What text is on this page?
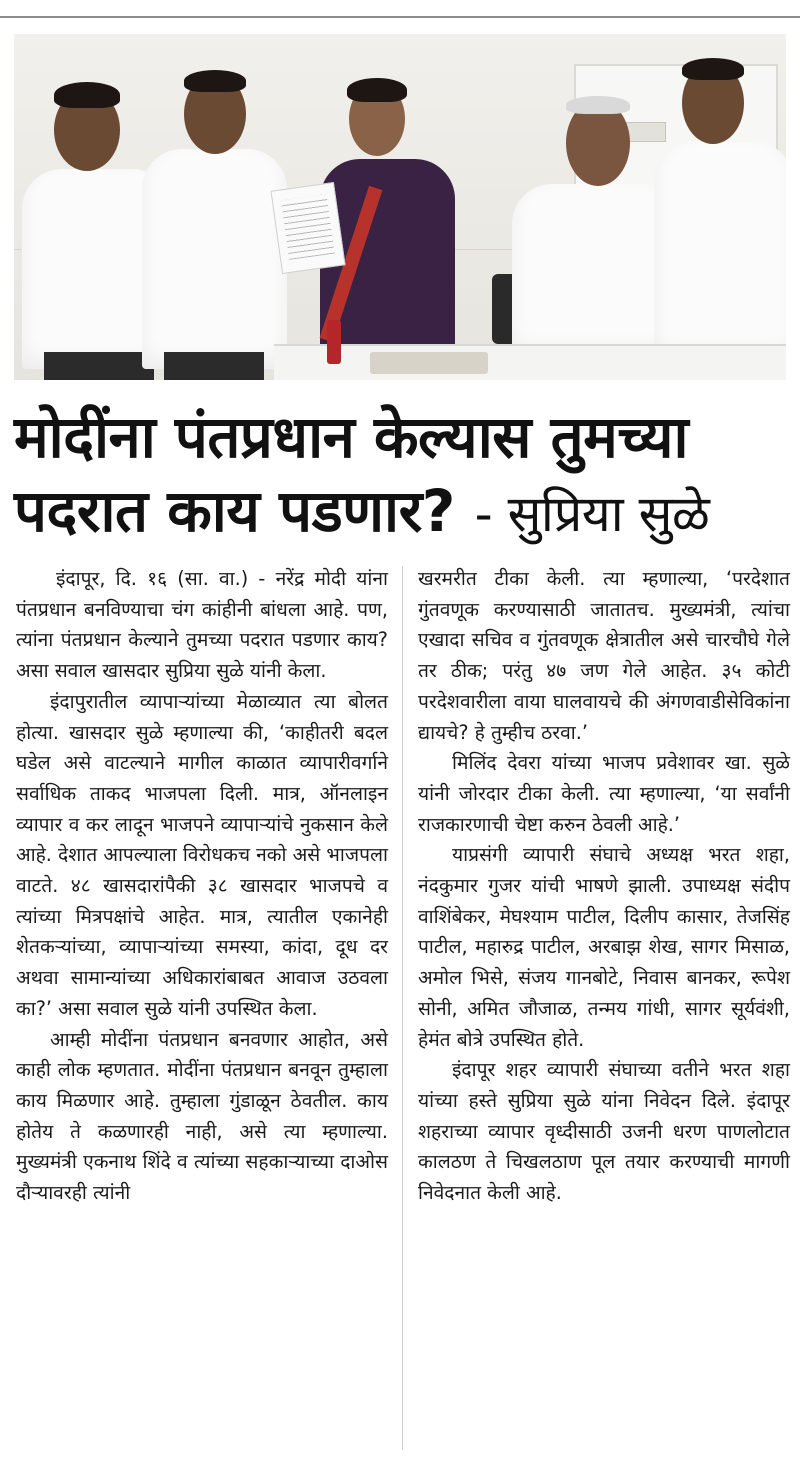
मोदींना पंतप्रधान केल्यास तुमच्या
पदरात काय पडणार? - सुप्रिया सुळे

इंदापूर, दि. १६ (सा. वा.) - नरेंद्र मोदी यांना पंतप्रधान बनविण्याचा चंग कांहीनी बांधला आहे. पण, त्यांना पंतप्रधान केल्याने तुमच्या पदरात पडणार काय? असा सवाल खासदार सुप्रिया सुळे यांनी केला.

इंदापुरातील व्यापाऱ्यांच्या मेळाव्यात त्या बोलत होत्या. खासदार सुळे म्हणाल्या की, ‘काहीतरी बदल घडेल असे वाटल्याने मागील काळात व्यापारीवर्गाने सर्वाधिक ताकद भाजपला दिली. मात्र, ऑनलाइन व्यापार व कर लादून भाजपने व्यापाऱ्यांचे नुकसान केले आहे. देशात आपल्याला विरोधकच नको असे भाजपला वाटते. ४८ खासदारांपैकी ३८ खासदार भाजपचे व त्यांच्या मित्रपक्षांचे आहेत. मात्र, त्यातील एकानेही शेतकऱ्यांच्या, व्यापाऱ्यांच्या समस्या, कांदा, दूध दर अथवा सामान्यांच्या अधिकारांबाबत आवाज उठवला का?’ असा सवाल सुळे यांनी उपस्थित केला.

आम्ही मोदींना पंतप्रधान बनवणार आहोत, असे काही लोक म्हणतात. मोदींना पंतप्रधान बनवून तुम्हाला काय मिळणार आहे. तुम्हाला गुंडाळून ठेवतील. काय होतेय ते कळणारही नाही, असे त्या म्हणाल्या. मुख्यमंत्री एकनाथ शिंदे व त्यांच्या सहकाऱ्याच्या दाओस दौऱ्यावरही त्यांनी

खरमरीत टीका केली. त्या म्हणाल्या, ‘परदेशात गुंतवणूक करण्यासाठी जातातच. मुख्यमंत्री, त्यांचा एखादा सचिव व गुंतवणूक क्षेत्रातील असे चारचौघे गेले तर ठीक; परंतु ४७ जण गेले आहेत. ३५ कोटी परदेशवारीला वाया घालवायचे की अंगणवाडीसेविकांना द्यायचे? हे तुम्हीच ठरवा.’

मिलिंद देवरा यांच्या भाजप प्रवेशावर खा. सुळे यांनी जोरदार टीका केली. त्या म्हणाल्या, ‘या सर्वांनी राजकारणाची चेष्टा करुन ठेवली आहे.’

याप्रसंगी व्यापारी संघाचे अध्यक्ष भरत शहा, नंदकुमार गुजर यांची भाषणे झाली. उपाध्यक्ष संदीप वाशिंबेकर, मेघश्याम पाटील, दिलीप कासार, तेजसिंह पाटील, महारुद्र पाटील, अरबाझ शेख, सागर मिसाळ, अमोल भिसे, संजय गानबोटे, निवास बानकर, रूपेश सोनी, अमित जौजाळ, तन्मय गांधी, सागर सूर्यवंशी, हेमंत बोत्रे उपस्थित होते.

इंदापूर शहर व्यापारी संघाच्या वतीने भरत शहा यांच्या हस्ते सुप्रिया सुळे यांना निवेदन दिले. इंदापूर शहराच्या व्यापार वृध्दीसाठी उजनी धरण पाणलोटात कालठण ते चिखलठाण पूल तयार करण्याची मागणी निवेदनात केली आहे.
